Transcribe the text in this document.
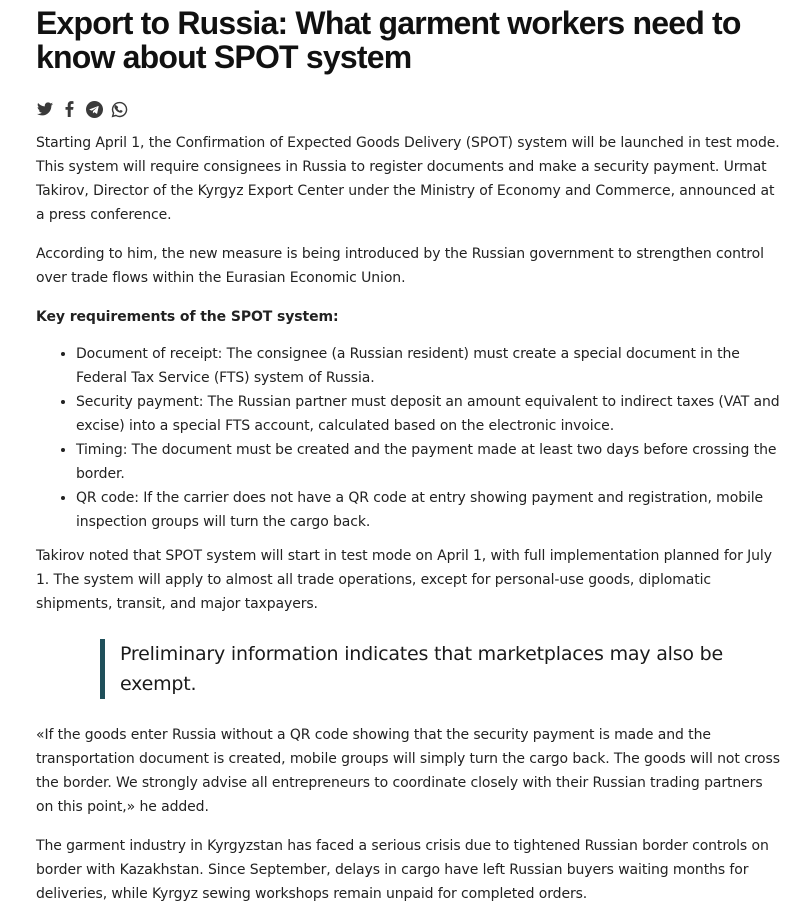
Export to Russia: What garment workers need to know about SPOT system

Starting April 1, the Confirmation of Expected Goods Delivery (SPOT) system will be launched in test mode. This system will require consignees in Russia to register documents and make a security payment. Urmat Takirov, Director of the Kyrgyz Export Center under the Ministry of Economy and Commerce, announced at a press conference.

According to him, the new measure is being introduced by the Russian government to strengthen control over trade flows within the Eurasian Economic Union.

Key requirements of the SPOT system:

• Document of receipt: The consignee (a Russian resident) must create a special document in the Federal Tax Service (FTS) system of Russia.
• Security payment: The Russian partner must deposit an amount equivalent to indirect taxes (VAT and excise) into a special FTS account, calculated based on the electronic invoice.
• Timing: The document must be created and the payment made at least two days before crossing the border.
• QR code: If the carrier does not have a QR code at entry showing payment and registration, mobile inspection groups will turn the cargo back.

Takirov noted that SPOT system will start in test mode on April 1, with full implementation planned for July 1. The system will apply to almost all trade operations, except for personal-use goods, diplomatic shipments, transit, and major taxpayers.

Preliminary information indicates that marketplaces may also be exempt.

«If the goods enter Russia without a QR code showing that the security payment is made and the transportation document is created, mobile groups will simply turn the cargo back. The goods will not cross the border. We strongly advise all entrepreneurs to coordinate closely with their Russian trading partners on this point,» he added.

The garment industry in Kyrgyzstan has faced a serious crisis due to tightened Russian border controls on border with Kazakhstan. Since September, delays in cargo have left Russian buyers waiting months for deliveries, while Kyrgyz sewing workshops remain unpaid for completed orders.
